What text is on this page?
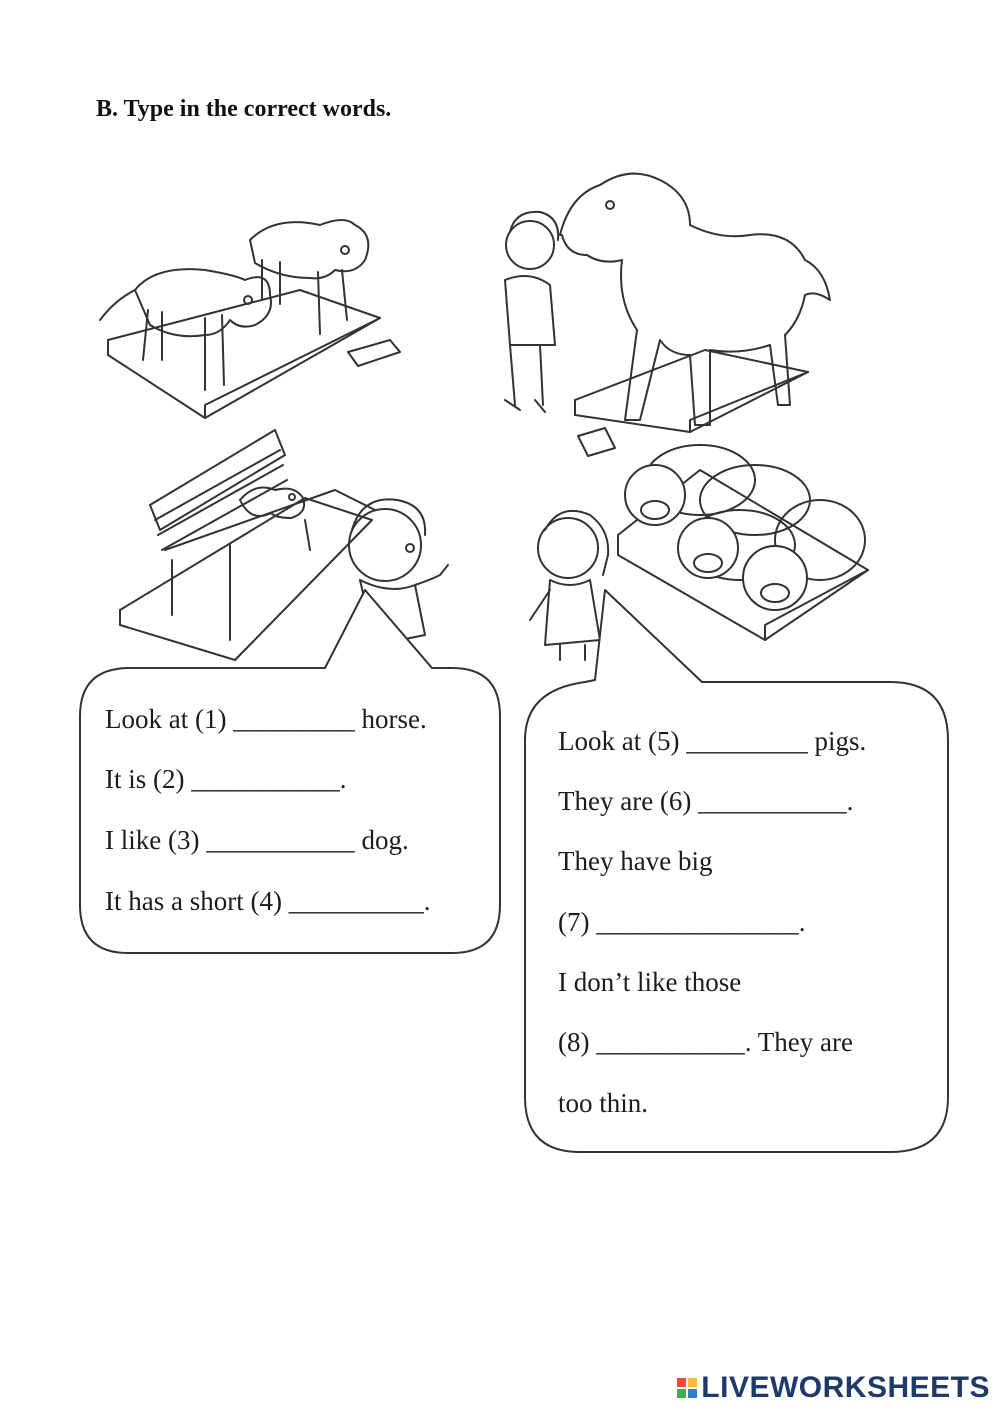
B. Type in the correct words.
Look at (1) _________ horse.
It is (2) ___________.
I like (3) ___________ dog.
It has a short (4) __________.
Look at (5) _________ pigs.
They are (6) ___________.
They have big
(7) _______________.
I don’t like those
(8) ___________. They are
too thin.
LIVEWORKSHEETS
